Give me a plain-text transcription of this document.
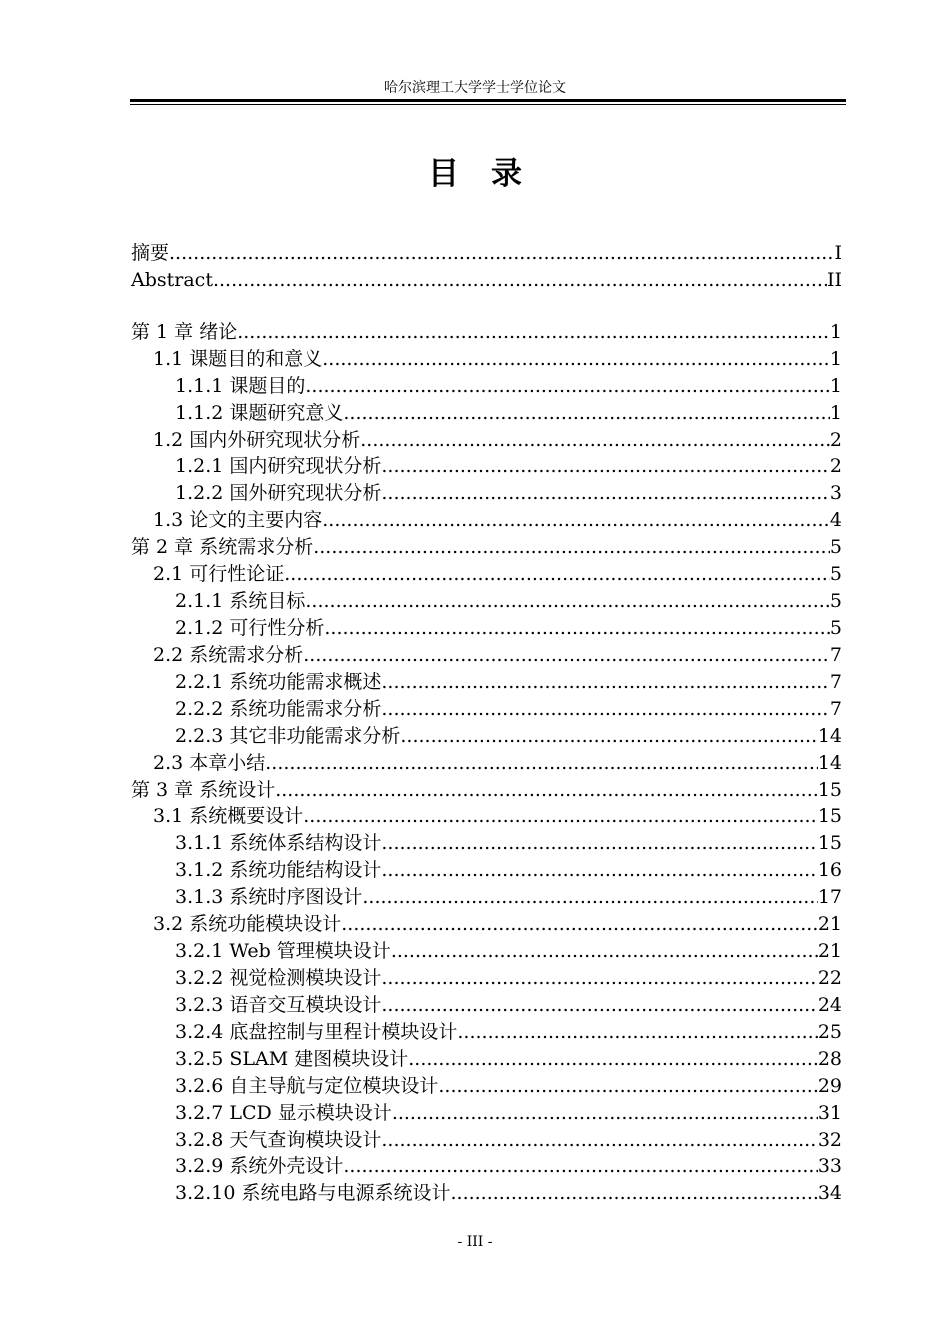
哈尔滨理工大学学士学位论文
目录
摘要 .....	I
Abstract .....	II
第 1 章 绪论 .....	1
1.1 课题目的和意义 .....	1
1.1.1 课题目的 .....	1
1.1.2 课题研究意义 .....	1
1.2 国内外研究现状分析 .....	2
1.2.1 国内研究现状分析 .....	2
1.2.2 国外研究现状分析 .....	3
1.3 论文的主要内容 .....	4
第 2 章 系统需求分析 .....	5
2.1 可行性论证 .....	5
2.1.1 系统目标 .....	5
2.1.2 可行性分析 .....	5
2.2 系统需求分析 .....	7
2.2.1 系统功能需求概述 .....	7
2.2.2 系统功能需求分析 .....	7
2.2.3 其它非功能需求分析 .....	14
2.3 本章小结 .....	14
第 3 章 系统设计 .....	15
3.1 系统概要设计 .....	15
3.1.1 系统体系结构设计 .....	15
3.1.2 系统功能结构设计 .....	16
3.1.3 系统时序图设计 .....	17
3.2 系统功能模块设计 .....	21
3.2.1 Web 管理模块设计 .....	21
3.2.2 视觉检测模块设计 .....	22
3.2.3 语音交互模块设计 .....	24
3.2.4 底盘控制与里程计模块设计 .....	25
3.2.5 SLAM 建图模块设计 .....	28
3.2.6 自主导航与定位模块设计 .....	29
3.2.7 LCD 显示模块设计 .....	31
3.2.8 天气查询模块设计 .....	32
3.2.9 系统外壳设计 .....	33
3.2.10 系统电路与电源系统设计 .....	34
- III -
